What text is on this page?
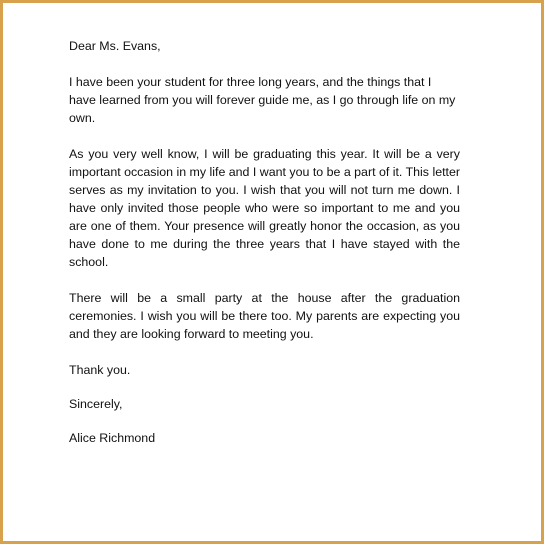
Dear Ms. Evans,

I have been your student for three long years, and the things that I have learned from you will forever guide me, as I go through life on my own.

As you very well know, I will be graduating this year. It will be a very important occasion in my life and I want you to be a part of it. This letter serves as my invitation to you. I wish that you will not turn me down. I have only invited those people who were so important to me and you are one of them. Your presence will greatly honor the occasion, as you have done to me during the three years that I have stayed with the school.

There will be a small party at the house after the graduation ceremonies. I wish you will be there too. My parents are expecting you and they are looking forward to meeting you.

Thank you.

Sincerely,

Alice Richmond
